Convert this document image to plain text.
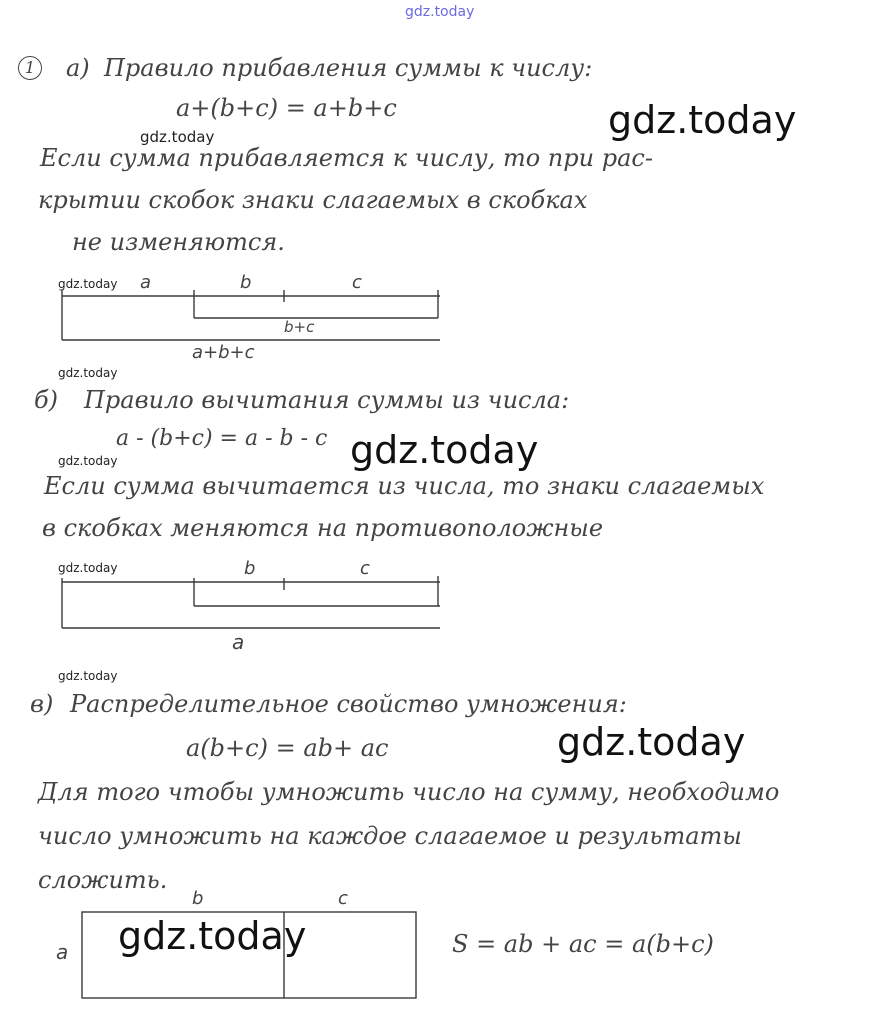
gdz.today
gdz.today
gdz.today
gdz.today
gdz.today
gdz.today
gdz.today
gdz.today
gdz.today
gdz.today
gdz.today
1 а) Правило прибавления суммы к числу:
a+(b+c) = a+b+c
Если сумма прибавляется к числу, то при рас-
крытии скобок знаки слагаемых в скобках
не изменяются.
a	b	c
b+c
a+b+c
б) Правило вычитания суммы из числа:
a - (b+c) = a - b - c
Если сумма вычитается из числа, то знаки слагаемых
в скобках меняются на противоположные
b	c
a
в) Распределительное свойство умножения:
a(b+c) = ab+ ac
Для того чтобы умножить число на сумму, необходимо
число умножить на каждое слагаемое и результаты
сложить.
b	c
a	S = ab + ac = a(b+c)
